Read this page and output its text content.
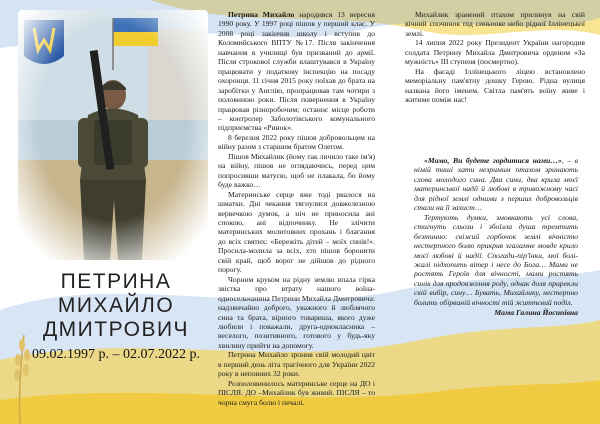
ПЕТРИНА МИХАЙЛО
ДМИТРОВИЧ
09.02.1997 р. – 02.07.2022 р.

Петрина Михайло народився 13 вересня 1990 року. У 1997 році пішов у перший клас. У 2008 році закінчив школу і вступив до Коломийського ВПТУ №17. Після закінчення навчання в училищі був призваний до армії. Після строкової служби влаштувався в Україну працювати у податкову інспекцію на посаду охоронця. 11 січня 2015 року поїхав до брата на заробітки у Англію, пропрацював там чотири з половиною роки. Після повернення в Україну працював різноробочим; останнє місце роботи – контролер Заболотівського комунального підприємства «Ринок».

8 березня 2022 року пішов добровольцем на війну разом з старшим братом Олегом.

Пішов Михайлик (йому так личило таке ім'я) на війну, пішов не оглядаючись, перед цим попросивши матусю, щоб не плакала, бо йому буде важко…

Материнське серце вже тоді рвалося на шматки. Дні чекання тягнулися довжелезною вервечкою думок, а ніч не приносила ані спокою, ані відпочинку. Не злічити материнських молитовних прохань і благання до всіх святих: «Бережіть дітей – моїх синів!». Просила-молила за всіх, хто пішов боронити свій край, щоб ворог не дійшов до рідного порогу.

Чорним круком на рідну землю впала гірка звістка про втрату нашого воїна-односельчанина Петрини Михайла Дмитровича: надзвичайно доброго, уважного й люблячого сина та брата, вірного товариша, якого дуже любили і поважали, друга-однокласника – веселого, позитивного, готового у будь-яку хвилину прийти на допомогу.

Петрина Михайло зронив свій молодий цвіт в перший день літа трагічного для України 2022 року в неповних 32 роки.

Розполовинилось материнське серце на ДО і ПІСЛЯ. ДО –Михайлик був живий. ПІСЛЯ – то чорна смуга болю і печалі.

Михайлик зранений птахом прилинув на свій вічний спочинок під синьооке небо рідної Іллінецької землі.

14 липня 2022 року Президент України нагородив солдата Петрину Михайла Дмитровича орденом «За мужність» III ступеня (посмертно).

На фасаді Іллінецького ліцею встановлено меморіальну пам'ятну дошку Герою. Рідна вулиця названа його іменем. Світла пам'ять воїну живе і житиме поміж нас!

«Мамо, Ви будете гордитися нами…», – в німій тиші хати незримим птахом зринають слова молодого сина. Два сини, два крила моєї материнської надії й любові в тривожному часі для рідної землі одними з перших добровольців стали на її захист…

Тертують думки, змовкають усі слова, стигнуть сльози і збоїлла душа тремтить безтинно: свіжий горбочок землі вічністю нестерпного болю прикрив згаламне мовде крило моєї любові й надії. Спогади-пір'їнки, мої болі-жалі підхопить вітер і несе до Бога… Мами не ростять Героїв для вічності, мами ростять синів для продовження роду, однак доля прирекли свій вибір, сину… Бувать, Михайлику, нестерпно болить обірваній вічності тій життєвий поділ.

Мама Галина Йосипівна
